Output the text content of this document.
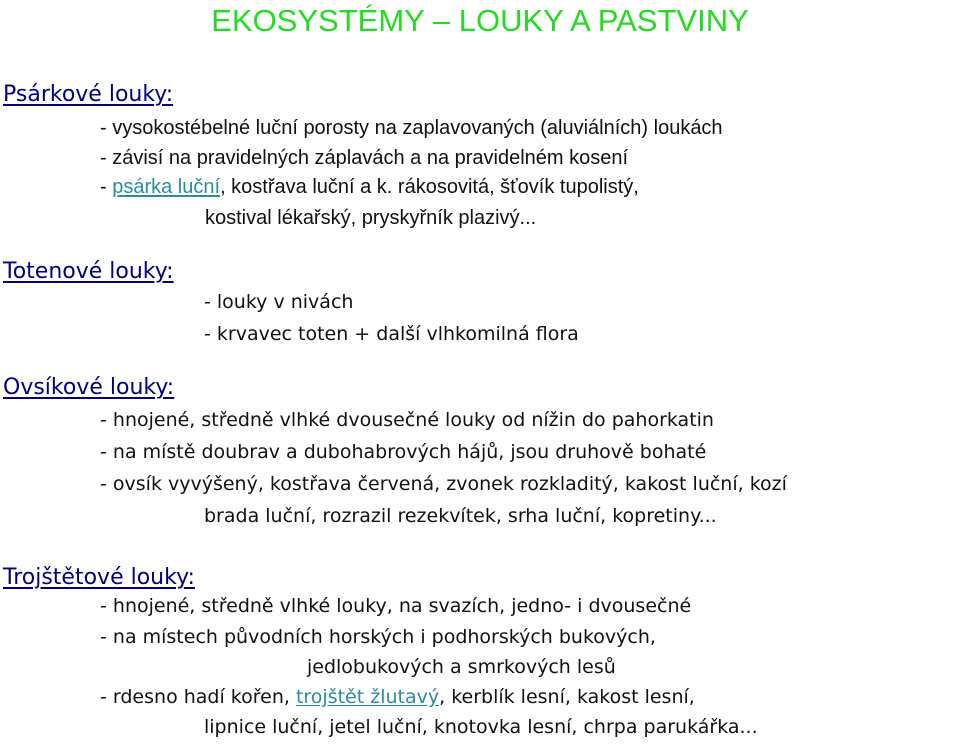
EKOSYSTÉMY – LOUKY A PASTVINY
Psárkové louky:
- vysokostébelné luční porosty na zaplavovaných (aluviálních) loukách
- závisí na pravidelných záplavách a na pravidelném kosení
- psárka luční, kostřava luční a k. rákosovitá, šťovík tupolistý,
kostival lékařský, pryskyřník plazivý...
Totenové louky:
- louky v nivách
- krvavec toten + další vlhkomilná flora
Ovsíkové louky:
- hnojené, středně vlhké dvousečné louky od nížin do pahorkatin
- na místě doubrav a dubohabrových hájů, jsou druhově bohaté
- ovsík vyvýšený, kostřava červená, zvonek rozkladitý, kakost luční, kozí
brada luční, rozrazil rezekvítek, srha luční, kopretiny...
Trojštětové louky:
- hnojené, středně vlhké louky, na svazích, jedno- i dvousečné
- na místech původních horských i podhorských bukových,
jedlobukových a smrkových lesů
- rdesno hadí kořen, trojštět žlutavý, kerblík lesní, kakost lesní,
lipnice luční, jetel luční, knotovka lesní, chrpa parukářka...
